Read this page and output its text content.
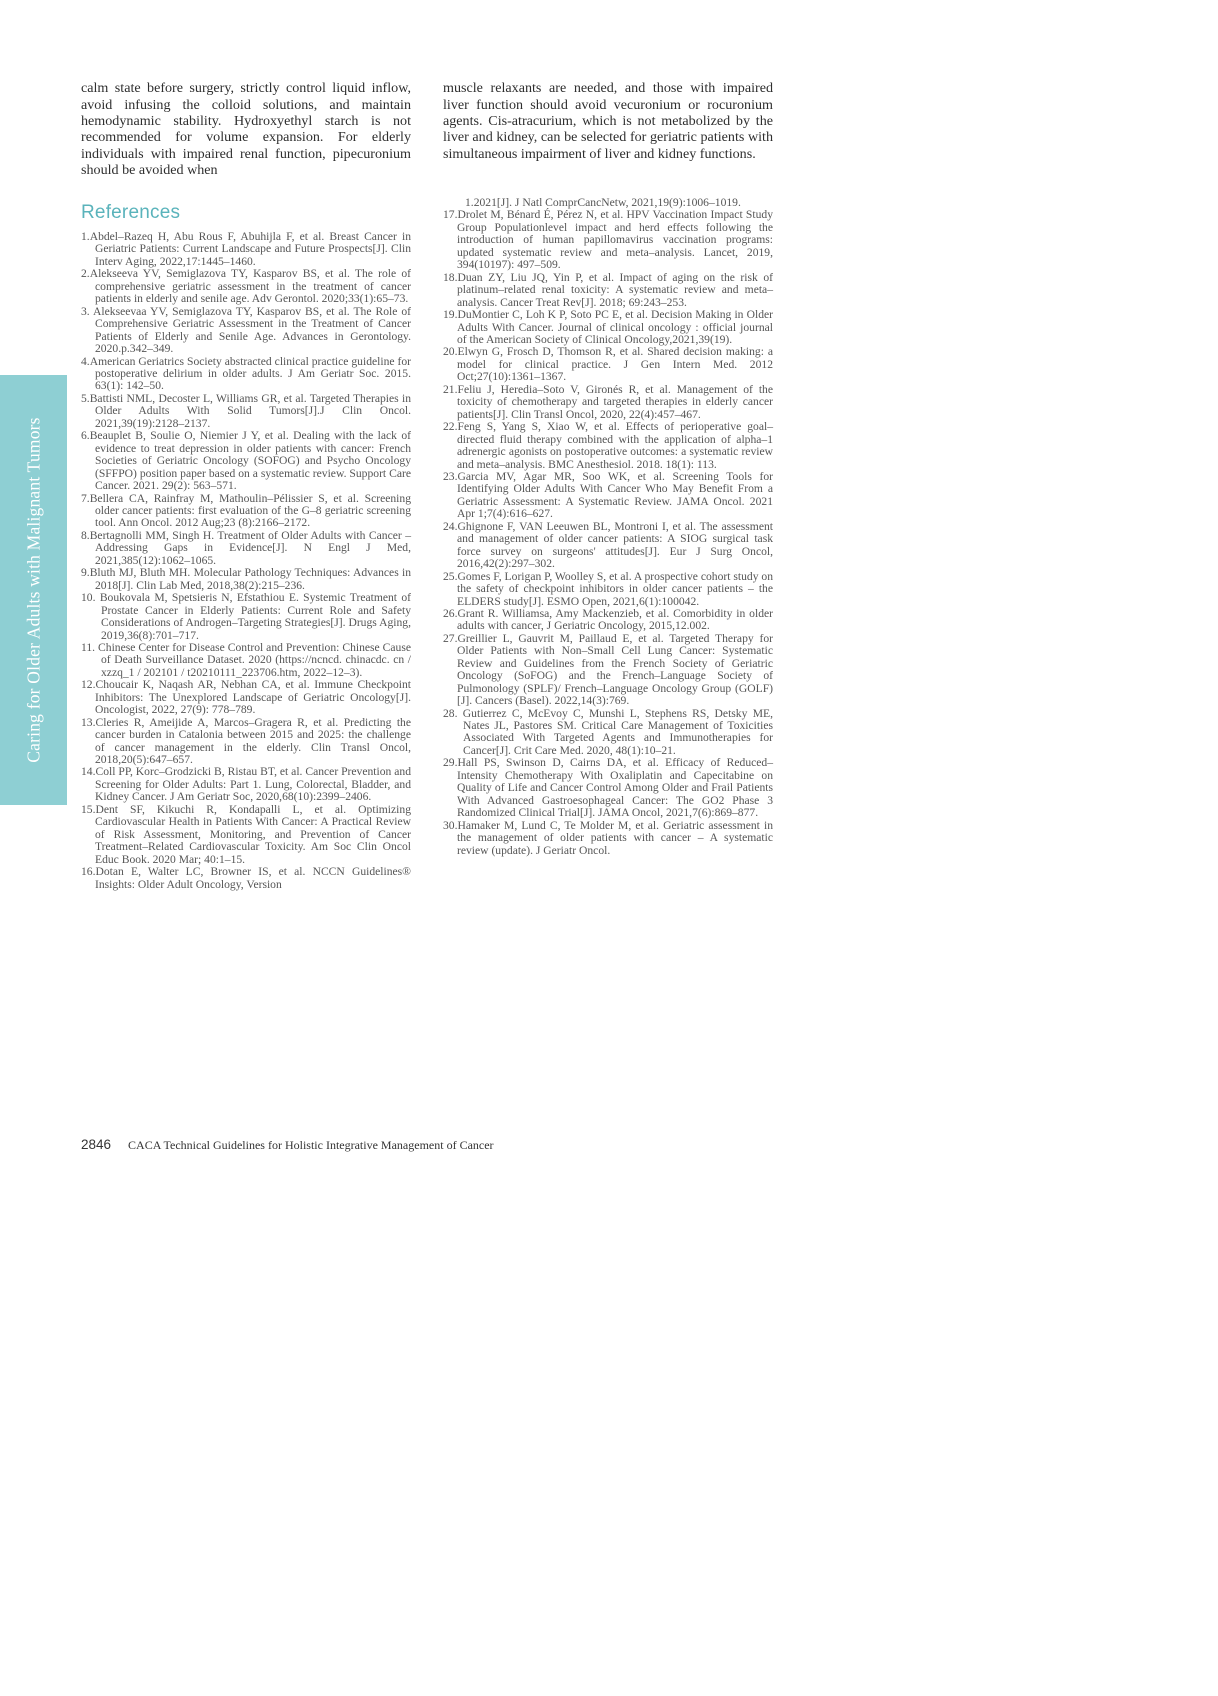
Caring for Older Adults with Malignant Tumors

calm state before surgery, strictly control liquid inflow, avoid infusing the colloid solutions, and maintain hemodynamic stability. Hydroxyethyl starch is not recommended for volume expansion. For elderly individuals with impaired renal function, pipecuronium should be avoided when

muscle relaxants are needed, and those with impaired liver function should avoid vecuronium or rocuronium agents. Cis-atracurium, which is not metabolized by the liver and kidney, can be selected for geriatric patients with simultaneous impairment of liver and kidney functions.

References

1.Abdel–Razeq H, Abu Rous F, Abuhijla F, et al. Breast Cancer in Geriatric Patients: Current Landscape and Future Prospects[J]. Clin Interv Aging, 2022,17:1445–1460.

2.Alekseeva YV, Semiglazova TY, Kasparov BS, et al. The role of comprehensive geriatric assessment in the treatment of cancer patients in elderly and senile age. Adv Gerontol. 2020;33(1):65–73.

3. Alekseevaa YV, Semiglazova TY, Kasparov BS, et al. The Role of Comprehensive Geriatric Assessment in the Treatment of Cancer Patients of Elderly and Senile Age. Advances in Gerontology. 2020.p.342–349.

4.American Geriatrics Society abstracted clinical practice guideline for postoperative delirium in older adults. J Am Geriatr Soc. 2015. 63(1): 142–50.

5.Battisti NML, Decoster L, Williams GR, et al. Targeted Therapies in Older Adults With Solid Tumors[J].J Clin Oncol. 2021,39(19):2128–2137.

6.Beauplet B, Soulie O, Niemier J Y, et al. Dealing with the lack of evidence to treat depression in older patients with cancer: French Societies of Geriatric Oncology (SOFOG) and Psycho Oncology (SFFPO) position paper based on a systematic review. Support Care Cancer. 2021. 29(2): 563–571.

7.Bellera CA, Rainfray M, Mathoulin–Pélissier S, et al. Screening older cancer patients: first evaluation of the G–8 geriatric screening tool. Ann Oncol. 2012 Aug;23 (8):2166–2172.

8.Bertagnolli MM, Singh H. Treatment of Older Adults with Cancer – Addressing Gaps in Evidence[J]. N Engl J Med, 2021,385(12):1062–1065.

9.Bluth MJ, Bluth MH. Molecular Pathology Techniques: Advances in 2018[J]. Clin Lab Med, 2018,38(2):215–236.

10. Boukovala M, Spetsieris N, Efstathiou E. Systemic Treatment of Prostate Cancer in Elderly Patients: Current Role and Safety Considerations of Androgen–Targeting Strategies[J]. Drugs Aging, 2019,36(8):701–717.

11. Chinese Center for Disease Control and Prevention: Chinese Cause of Death Surveillance Dataset. 2020 (https://ncncd. chinacdc. cn / xzzq_1 / 202101 / t20210111_223706.htm, 2022–12–3).

12.Choucair K, Naqash AR, Nebhan CA, et al. Immune Checkpoint Inhibitors: The Unexplored Landscape of Geriatric Oncology[J]. Oncologist, 2022, 27(9): 778–789.

13.Cleries R, Ameijide A, Marcos–Gragera R, et al. Predicting the cancer burden in Catalonia between 2015 and 2025: the challenge of cancer management in the elderly. Clin Transl Oncol, 2018,20(5):647–657.

14.Coll PP, Korc–Grodzicki B, Ristau BT, et al. Cancer Prevention and Screening for Older Adults: Part 1. Lung, Colorectal, Bladder, and Kidney Cancer. J Am Geriatr Soc, 2020,68(10):2399–2406.

15.Dent SF, Kikuchi R, Kondapalli L, et al. Optimizing Cardiovascular Health in Patients With Cancer: A Practical Review of Risk Assessment, Monitoring, and Prevention of Cancer Treatment–Related Cardiovascular Toxicity. Am Soc Clin Oncol Educ Book. 2020 Mar; 40:1–15.

16.Dotan E, Walter LC, Browner IS, et al. NCCN Guidelines® Insights: Older Adult Oncology, Version

1.2021[J]. J Natl ComprCancNetw, 2021,19(9):1006–1019.

17.Drolet M, Bénard É, Pérez N, et al. HPV Vaccination Impact Study Group Populationlevel impact and herd effects following the introduction of human papillomavirus vaccination programs: updated systematic review and meta–analysis. Lancet, 2019, 394(10197): 497–509.

18.Duan ZY, Liu JQ, Yin P, et al. Impact of aging on the risk of platinum–related renal toxicity: A systematic review and meta–analysis. Cancer Treat Rev[J]. 2018; 69:243–253.

19.DuMontier C, Loh K P, Soto PC E, et al. Decision Making in Older Adults With Cancer. Journal of clinical oncology : official journal of the American Society of Clinical Oncology,2021,39(19).

20.Elwyn G, Frosch D, Thomson R, et al. Shared decision making: a model for clinical practice. J Gen Intern Med. 2012 Oct;27(10):1361–1367.

21.Feliu J, Heredia–Soto V, Gironés R, et al. Management of the toxicity of chemotherapy and targeted therapies in elderly cancer patients[J]. Clin Transl Oncol, 2020, 22(4):457–467.

22.Feng S, Yang S, Xiao W, et al. Effects of perioperative goal–directed fluid therapy combined with the application of alpha–1 adrenergic agonists on postoperative outcomes: a systematic review and meta–analysis. BMC Anesthesiol. 2018. 18(1): 113.

23.Garcia MV, Agar MR, Soo WK, et al. Screening Tools for Identifying Older Adults With Cancer Who May Benefit From a Geriatric Assessment: A Systematic Review. JAMA Oncol. 2021 Apr 1;7(4):616–627.

24.Ghignone F, VAN Leeuwen BL, Montroni I, et al. The assessment and management of older cancer patients: A SIOG surgical task force survey on surgeons' attitudes[J]. Eur J Surg Oncol, 2016,42(2):297–302.

25.Gomes F, Lorigan P, Woolley S, et al. A prospective cohort study on the safety of checkpoint inhibitors in older cancer patients – the ELDERS study[J]. ESMO Open, 2021,6(1):100042.

26.Grant R. Williamsa, Amy Mackenzieb, et al. Comorbidity in older adults with cancer, J Geriatric Oncology, 2015,12.002.

27.Greillier L, Gauvrit M, Paillaud E, et al. Targeted Therapy for Older Patients with Non–Small Cell Lung Cancer: Systematic Review and Guidelines from the French Society of Geriatric Oncology (SoFOG) and the French–Language Society of Pulmonology (SPLF)/ French–Language Oncology Group (GOLF) [J]. Cancers (Basel). 2022,14(3):769.

28. Gutierrez C, McEvoy C, Munshi L, Stephens RS, Detsky ME, Nates JL, Pastores SM. Critical Care Management of Toxicities Associated With Targeted Agents and Immunotherapies for Cancer[J]. Crit Care Med. 2020, 48(1):10–21.

29.Hall PS, Swinson D, Cairns DA, et al. Efficacy of Reduced–Intensity Chemotherapy With Oxaliplatin and Capecitabine on Quality of Life and Cancer Control Among Older and Frail Patients With Advanced Gastroesophageal Cancer: The GO2 Phase 3 Randomized Clinical Trial[J]. JAMA Oncol, 2021,7(6):869–877.

30.Hamaker M, Lund C, Te Molder M, et al. Geriatric assessment in the management of older patients with cancer – A systematic review (update). J Geriatr Oncol.

2846 CACA Technical Guidelines for Holistic Integrative Management of Cancer
